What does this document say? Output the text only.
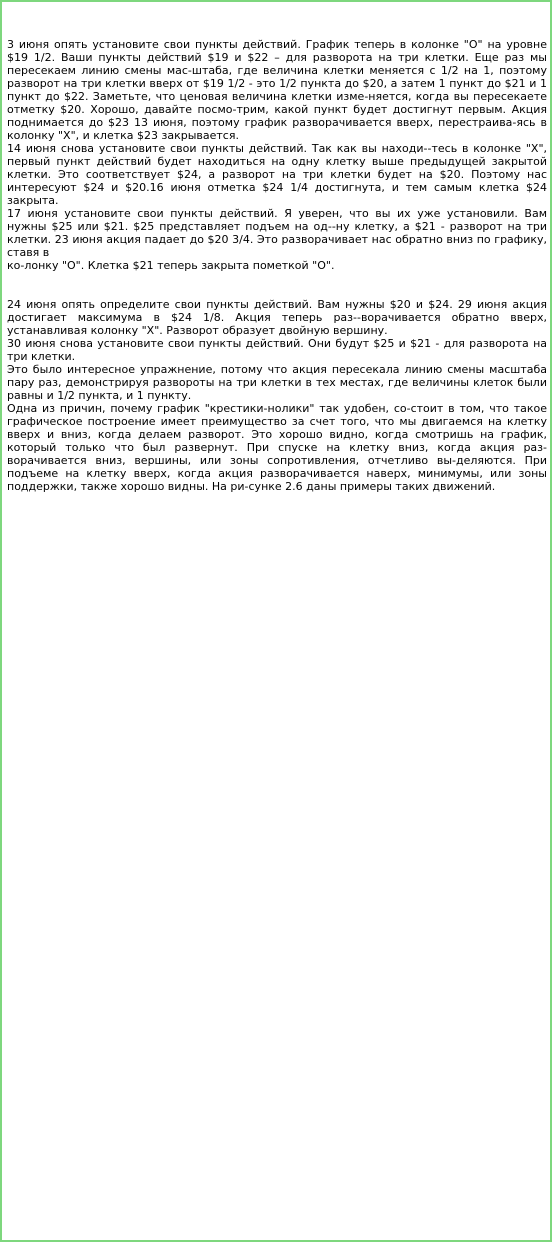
3 июня опять установите свои пункты действий. График теперь в колонке "O" на уровне $19 1/2. Ваши пункты действий $19 и $22 – для разворота на три клетки. Еще раз мы пересекаем линию смены мас-штаба, где величина клетки меняется с 1/2 на 1, поэтому разворот на три клетки вверх от $19 1/2 - это 1/2 пункта до $20, а затем 1 пункт до $21 и 1 пункт до $22. Заметьте, что ценовая величина клетки изме-няется, когда вы пересекаете отметку $20. Хорошо, давайте посмо-трим, какой пункт будет достигнут первым. Акция поднимается до $23 13 июня, поэтому график разворачивается вверх, перестраива-ясь в колонку "X", и клетка $23 закрывается.

14 июня снова установите свои пункты действий. Так как вы находи--тесь в колонке "X", первый пункт действий будет находиться на одну клетку выше предыдущей закрытой клетки. Это соответствует $24, а разворот на три клетки будет на $20. Поэтому нас интересуют $24 и $20.16 июня отметка $24 1/4 достигнута, и тем самым клетка $24 закрыта.

17 июня установите свои пункты действий. Я уверен, что вы их уже установили. Вам нужны $25 или $21. $25 представляет подъем на од--ну клетку, а $21 - разворот на три клетки. 23 июня акция падает до $20 3/4. Это разворачивает нас обратно вниз по графику, ставя в

ко-лонку "O". Клетка $21 теперь закрыта пометкой "O".

24 июня опять определите свои пункты действий. Вам нужны $20 и $24. 29 июня акция достигает максимума в $24 1/8. Акция теперь раз--ворачивается обратно вверх, устанавливая колонку "X". Разворот образует двойную вершину.

30 июня снова установите свои пункты действий. Они будут $25 и $21 - для разворота на три клетки.

Это было интересное упражнение, потому что акция пересекала линию смены масштаба пару раз, демонстрируя развороты на три клетки в тех местах, где величины клеток были равны и 1/2 пункта, и 1 пункту.

Одна из причин, почему график "крестики-нолики" так удобен, со-стоит в том, что такое графическое построение имеет преимущество за счет того, что мы двигаемся на клетку вверх и вниз, когда делаем разворот. Это хорошо видно, когда смотришь на график, который только что был развернут. При спуске на клетку вниз, когда акция раз-ворачивается вниз, вершины, или зоны сопротивления, отчетливо вы-деляются. При подъеме на клетку вверх, когда акция разворачивается наверх, минимумы, или зоны поддержки, также хорошо видны. На ри-сунке 2.6 даны примеры таких движений.
